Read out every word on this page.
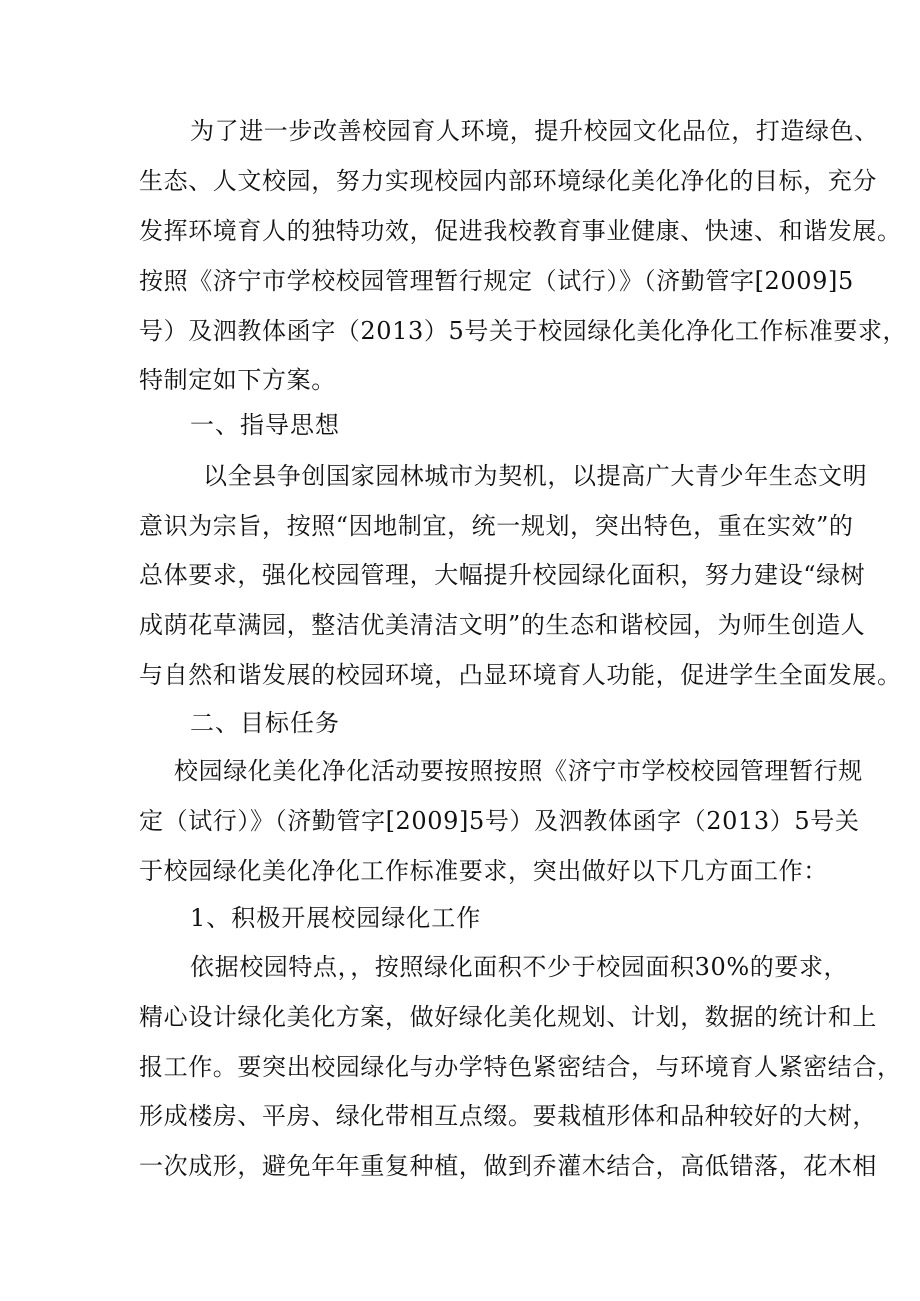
为了进一步改善校园育人环境，提升校园文化品位，打造绿色、
生态、人文校园，努力实现校园内部环境绿化美化净化的目标，充分
发挥环境育人的独特功效，促进我校教育事业健康、快速、和谐发展。
按照《济宁市学校校园管理暂行规定（试行）》（济勤管字[2009]5
号）及泗教体函字（2013）5号关于校园绿化美化净化工作标准要求，
特制定如下方案。
一、指导思想
以全县争创国家园林城市为契机，以提高广大青少年生态文明
意识为宗旨，按照“因地制宜，统一规划，突出特色，重在实效”的
总体要求，强化校园管理，大幅提升校园绿化面积，努力建设“绿树
成荫花草满园，整洁优美清洁文明”的生态和谐校园，为师生创造人
与自然和谐发展的校园环境，凸显环境育人功能，促进学生全面发展。
二、目标任务
校园绿化美化净化活动要按照按照《济宁市学校校园管理暂行规
定（试行）》（济勤管字[2009]5号）及泗教体函字（2013）5号关
于校园绿化美化净化工作标准要求，突出做好以下几方面工作：
1、积极开展校园绿化工作
依据校园特点，，按照绿化面积不少于校园面积30%的要求，
精心设计绿化美化方案，做好绿化美化规划、计划，数据的统计和上
报工作。要突出校园绿化与办学特色紧密结合，与环境育人紧密结合，
形成楼房、平房、绿化带相互点缀。要栽植形体和品种较好的大树，
一次成形，避免年年重复种植，做到乔灌木结合，高低错落，花木相
